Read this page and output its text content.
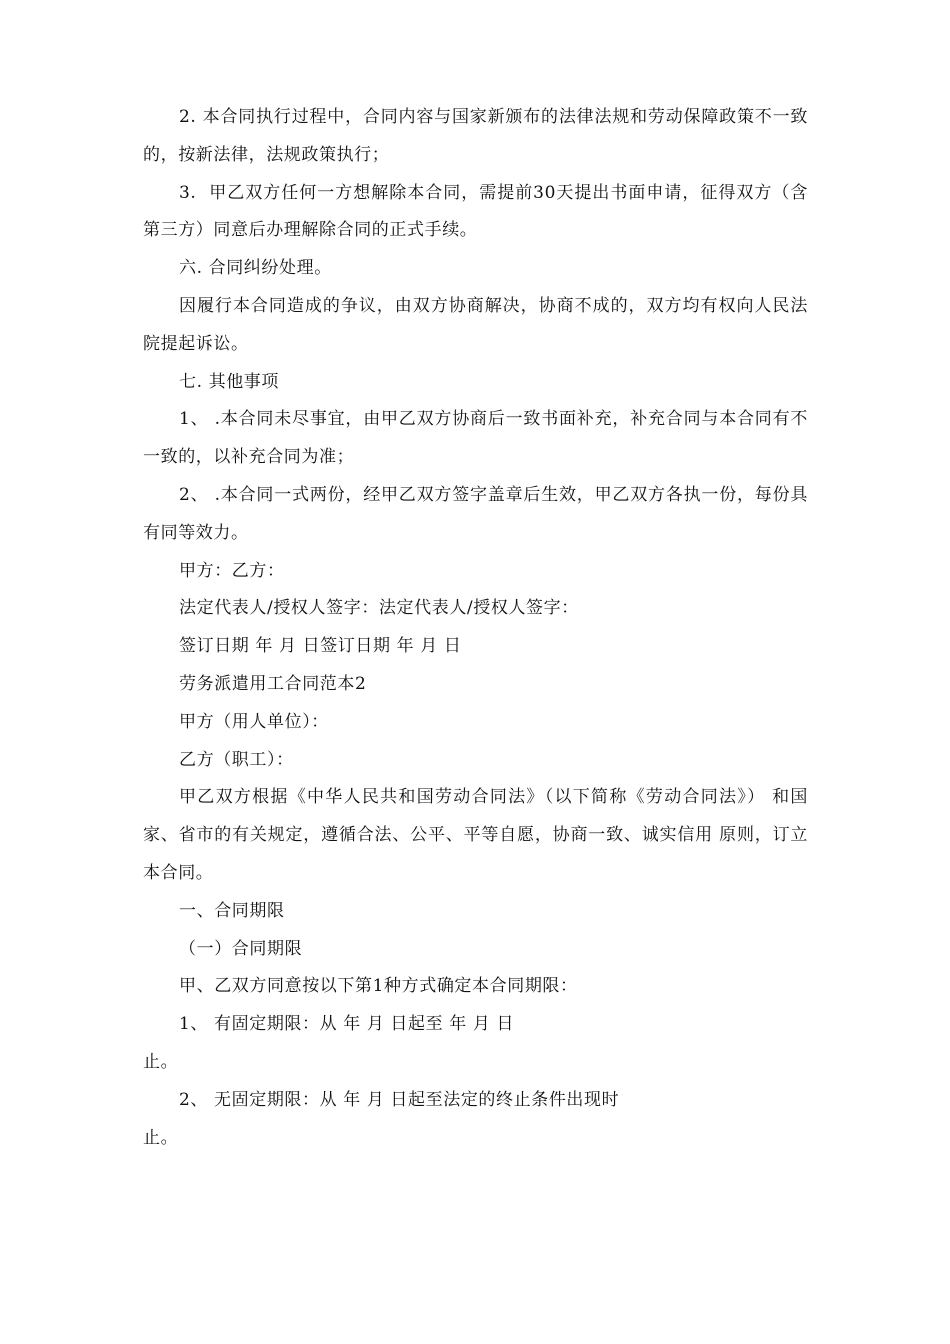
2. 本合同执行过程中，合同内容与国家新颁布的法律法规和劳动保障政策不一致的，按新法律，法规政策执行；

3.  甲乙双方任何一方想解除本合同，需提前30天提出书面申请，征得双方（含第三方）同意后办理解除合同的正式手续。

六. 合同纠纷处理。

因履行本合同造成的争议，由双方协商解决，协商不成的，双方均有权向人民法院提起诉讼。

七. 其他事项

1、 .本合同未尽事宜，由甲乙双方协商后一致书面补充，补充合同与本合同有不一致的，以补充合同为准；

2、 .本合同一式两份，经甲乙双方签字盖章后生效，甲乙双方各执一份，每份具有同等效力。

甲方：乙方：

法定代表人/授权人签字：法定代表人/授权人签字：

签订日期 年 月 日签订日期 年 月 日

劳务派遣用工合同范本2

甲方（用人单位）：

乙方（职工）：

甲乙双方根据《中华人民共和国劳动合同法》（以下简称《劳动合同法》） 和国家、省市的有关规定，遵循合法、公平、平等自愿，协商一致、诚实信用 原则，订立本合同。

一、合同期限

（一）合同期限

甲、乙双方同意按以下第1种方式确定本合同期限：

1、 有固定期限：从 年 月 日起至 年 月 日

止。

2、 无固定期限：从 年 月 日起至法定的终止条件出现时

止。
